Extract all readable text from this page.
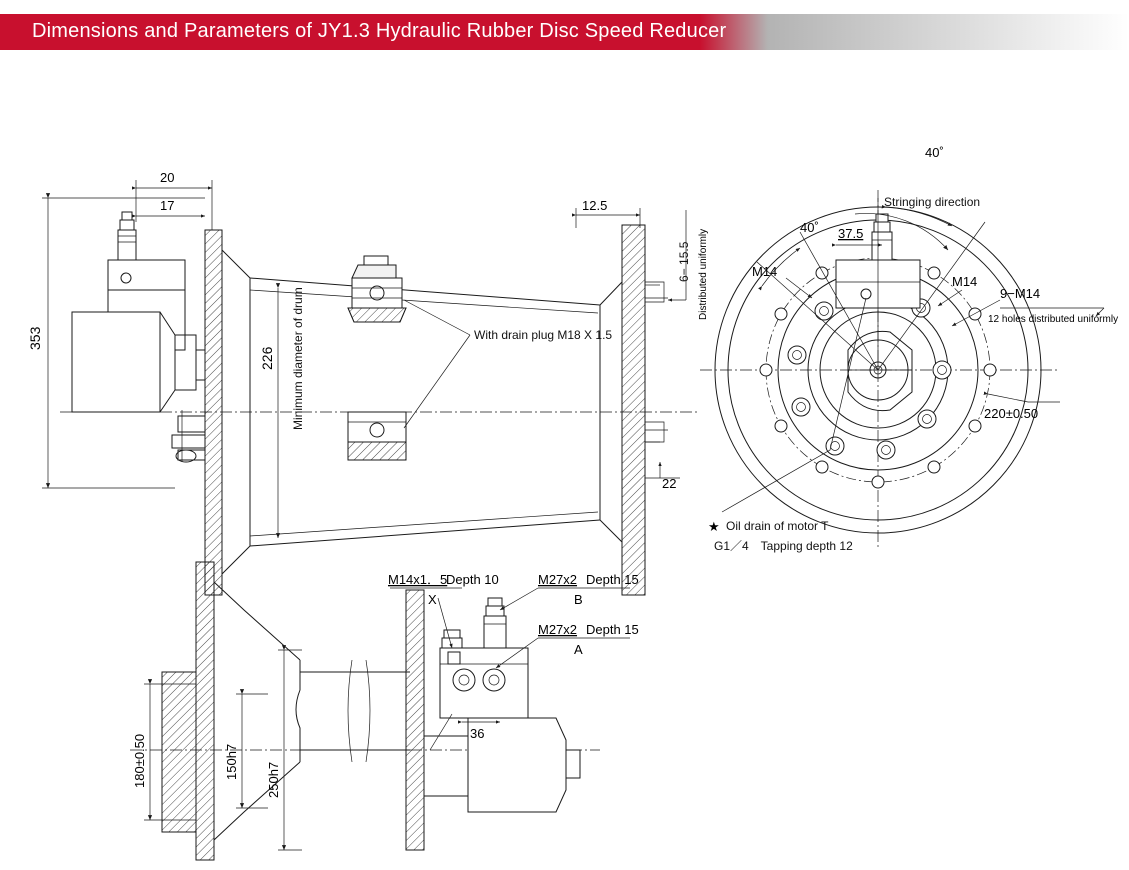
Dimensions and Parameters of JY1.3 Hydraulic Rubber Disc Speed Reducer
With drain plug M18 X 1.5
Minimum diameter of drum
353
20
17
226
12.5
22
6− 15.5 Distributed uniformly
40˚
40˚
Stringing direction
37.5
M14
M14
9−M14
12 holes distributed uniformly
220±0.50
★ Oil drain of motor T
G1／4　Tapping depth 12
36
180±0.50	150h7 250h7
M14x1．5
Depth 10
X
M27x2 Depth 15
B
M27x2 Depth 15
A
